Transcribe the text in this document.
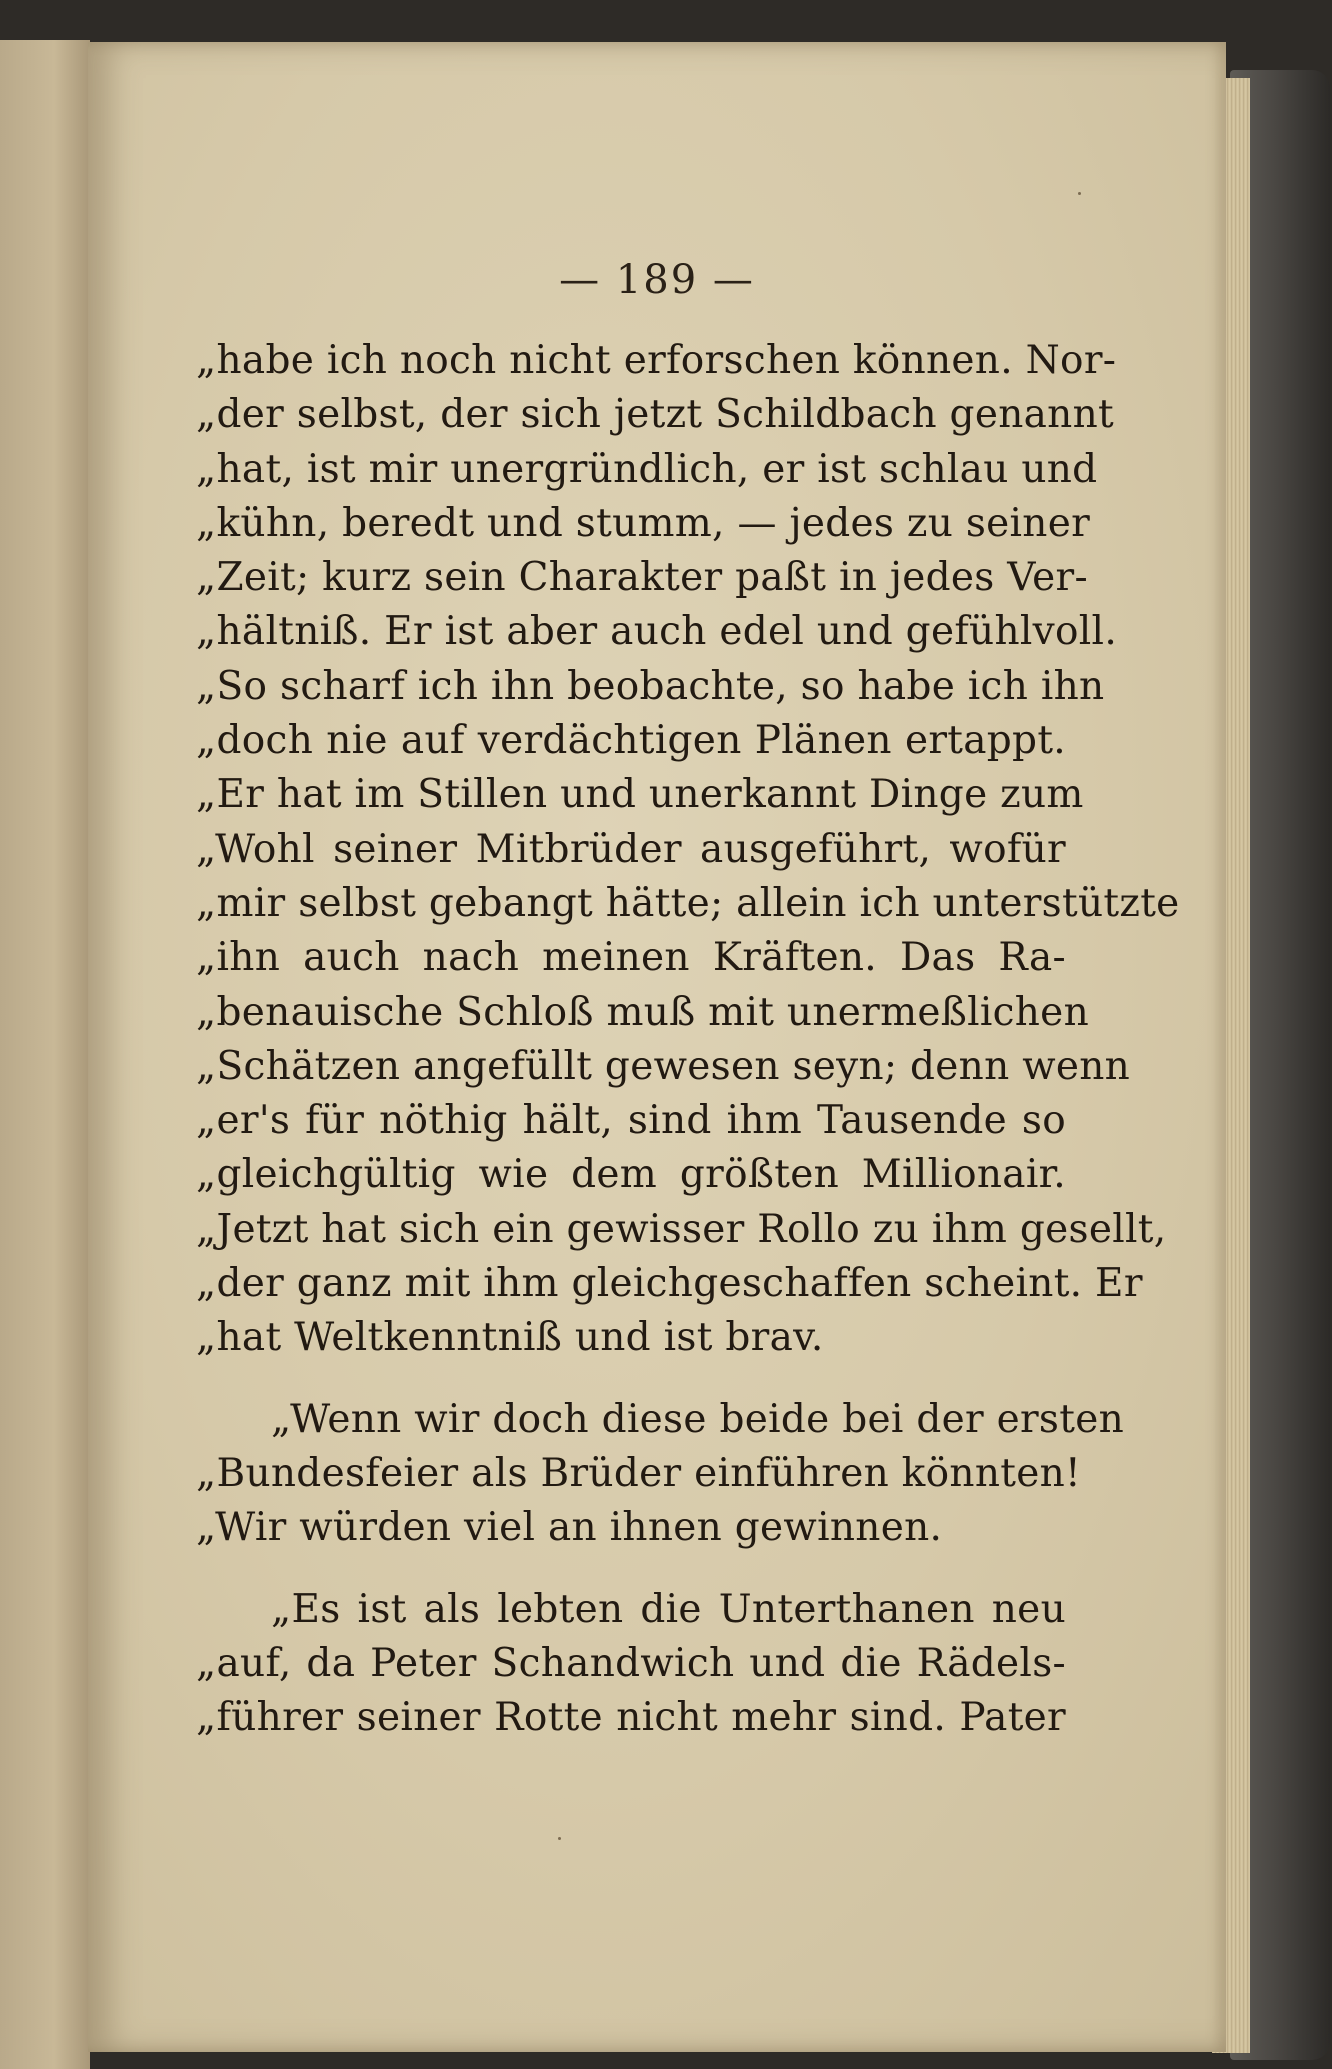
— 189 —
„habe ich noch nicht erforschen können. Nor-
„der selbst, der sich jetzt Schildbach genannt
„hat, ist mir unergründlich, er ist schlau und
„kühn, beredt und stumm, — jedes zu seiner
„Zeit; kurz sein Charakter paßt in jedes Ver-
„hältniß. Er ist aber auch edel und gefühlvoll.
„So scharf ich ihn beobachte, so habe ich ihn
„doch nie auf verdächtigen Plänen ertappt.
„Er hat im Stillen und unerkannt Dinge zum
„Wohl seiner Mitbrüder ausgeführt, wofür
„mir selbst gebangt hätte; allein ich unterstützte
„ihn auch nach meinen Kräften. Das Ra-
„benauische Schloß muß mit unermeßlichen
„Schätzen angefüllt gewesen seyn; denn wenn
„er's für nöthig hält, sind ihm Tausende so
„gleichgültig wie dem größten Millionair.
„Jetzt hat sich ein gewisser Rollo zu ihm gesellt,
„der ganz mit ihm gleichgeschaffen scheint. Er
„hat Weltkenntniß und ist brav.
„Wenn wir doch diese beide bei der ersten
„Bundesfeier als Brüder einführen könnten!
„Wir würden viel an ihnen gewinnen.
„Es ist als lebten die Unterthanen neu
„auf, da Peter Schandwich und die Rädels-
„führer seiner Rotte nicht mehr sind. Pater
